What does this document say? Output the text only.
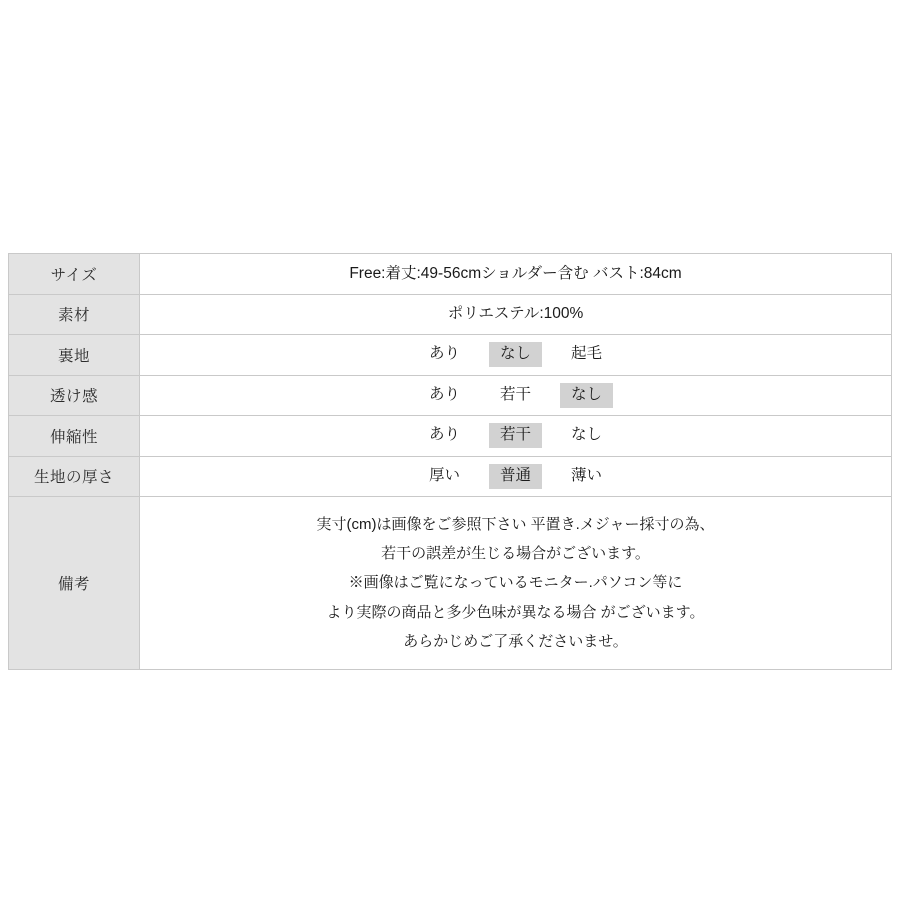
サイズ	Free:着丈:49-56cmショルダー含む バスト:84cm

素材	ポリエステル:100%

裏地	あり なし 起毛

透け感	あり 若干 なし

伸縮性	あり 若干 なし

生地の厚さ	厚い 普通 薄い

備考	実寸(cm)は画像をご参照下さい 平置き.メジャー採寸の為、
若干の誤差が生じる場合がございます。
※画像はご覧になっているモニター.パソコン等に
より実際の商品と多少色味が異なる場合 がございます。
あらかじめご了承くださいませ。
